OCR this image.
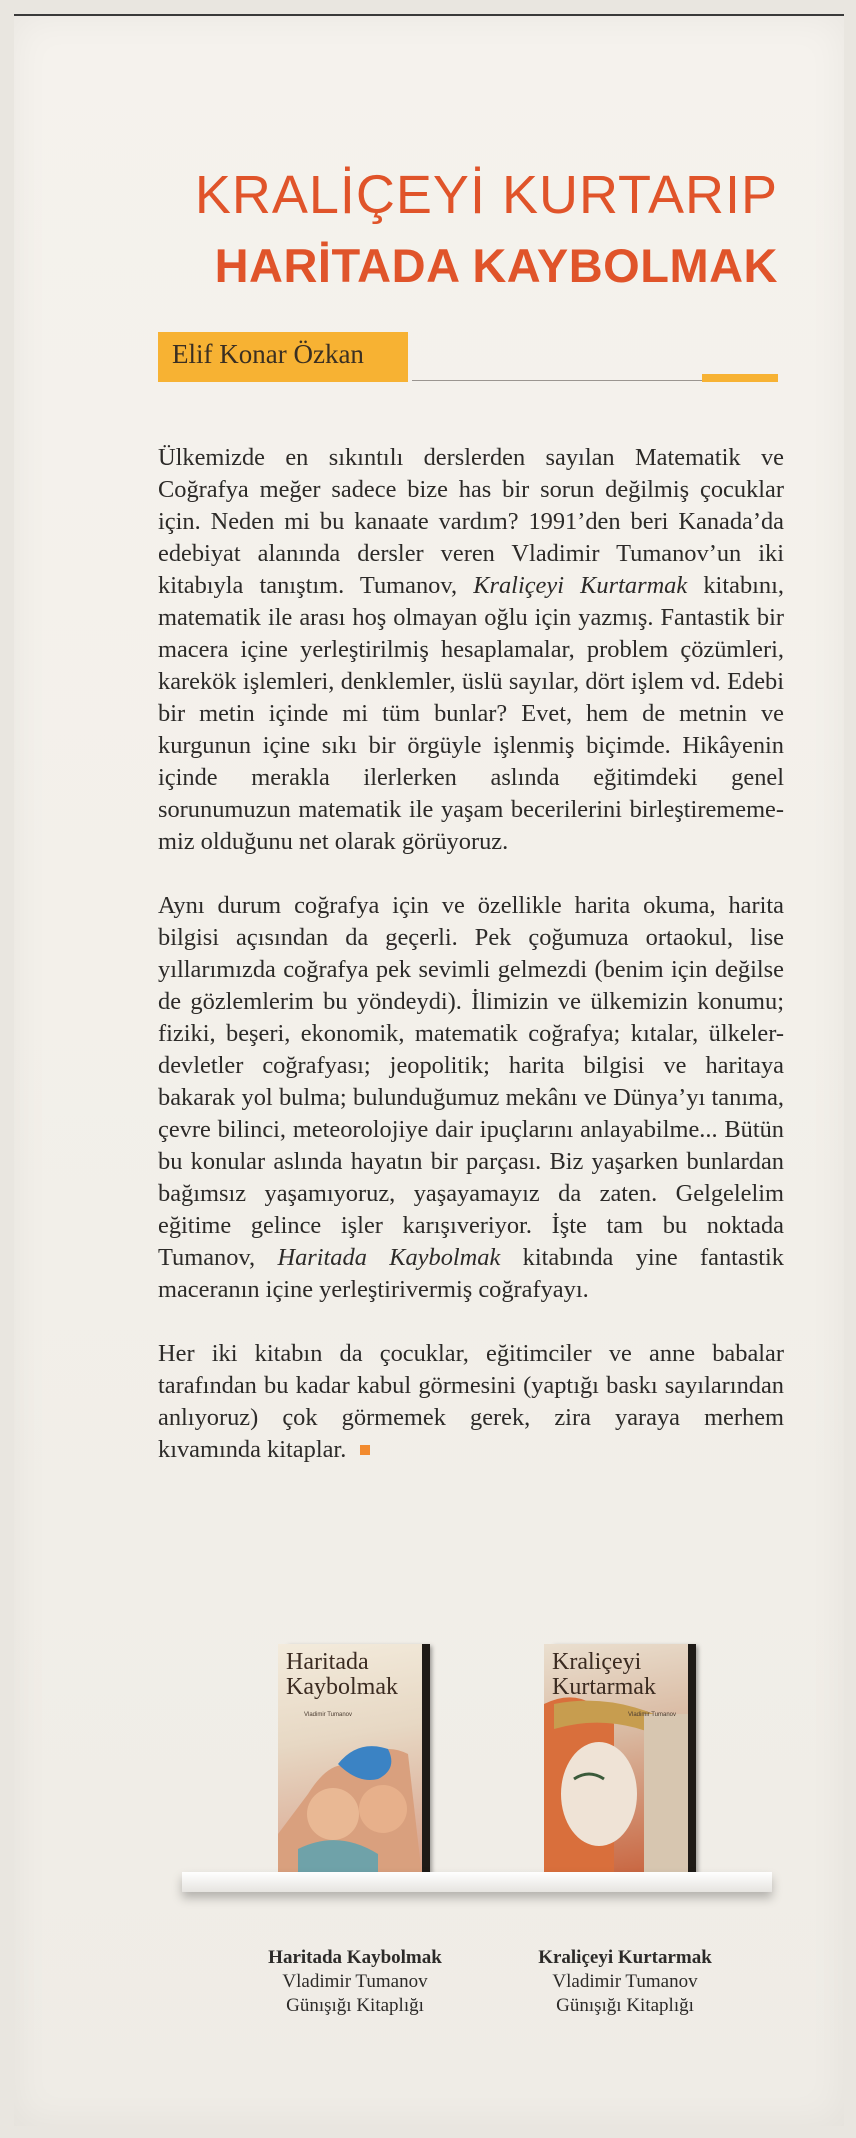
KRALİÇEYİ KURTARIP
HARİTADA KAYBOLMAK
Elif Konar Özkan

Ülkemizde en sıkıntılı derslerden sayılan Matematik ve Coğrafya meğer sadece bize has bir sorun değilmiş çocuklar için. Neden mi bu kanaate vardım? 1991’den beri Kanada’da edebiyat alanında dersler veren Vladimir Tumanov’un iki kitabıyla tanıştım. Tumanov, Kraliçeyi Kurtarmak kitabını, matematik ile arası hoş olmayan oğlu için yazmış. Fantastik bir macera içine yerleştirilmiş hesaplamalar, problem çözümleri, karekök işlemleri, denklemler, üslü sayılar, dört işlem vd. Edebi bir metin içinde mi tüm bunlar? Evet, hem de metnin ve kurgunun içine sıkı bir örgüyle işlenmiş biçimde. Hikâyenin içinde merakla ilerlerken aslında eğitimdeki genel sorunumuzun matematik ile yaşam becerilerini birleştiremememiz olduğunu net olarak görüyoruz.

Aynı durum coğrafya için ve özellikle harita okuma, harita bilgisi açısından da geçerli. Pek çoğumuza ortaokul, lise yıllarımızda coğrafya pek sevimli gelmezdi (benim için değilse de gözlemlerim bu yöndeydi). İlimizin ve ülkemizin konumu; fiziki, beşeri, ekonomik, matematik coğrafya; kıtalar, ülkeler-devletler coğrafyası; jeopolitik; harita bilgisi ve haritaya bakarak yol bulma; bulunduğumuz mekânı ve Dünya’yı tanıma, çevre bilinci, meteorolojiye dair ipuçlarını anlayabilme... Bütün bu konular aslında hayatın bir parçası. Biz yaşarken bunlardan bağımsız yaşamıyoruz, yaşayamayız da zaten. Gelgelelim eğitime gelince işler karışıveriyor. İşte tam bu noktada Tumanov, Haritada Kaybolmak kitabında yine fantastik maceranın içine yerleştirivermiş coğrafyayı.

Her iki kitabın da çocuklar, eğitimciler ve anne babalar tarafından bu kadar kabul görmesini (yaptığı baskı sayılarından anlıyoruz) çok görmemek gerek, zira yaraya merhem kıvamında kitaplar.

Haritada
Kaybolmak
Vladimir Tumanov
Kraliçeyi
Kurtarmak
Vladimir Tumanov
Haritada Kaybolmak
Vladimir Tumanov
Günışığı Kitaplığı
Kraliçeyi Kurtarmak
Vladimir Tumanov
Günışığı Kitaplığı
